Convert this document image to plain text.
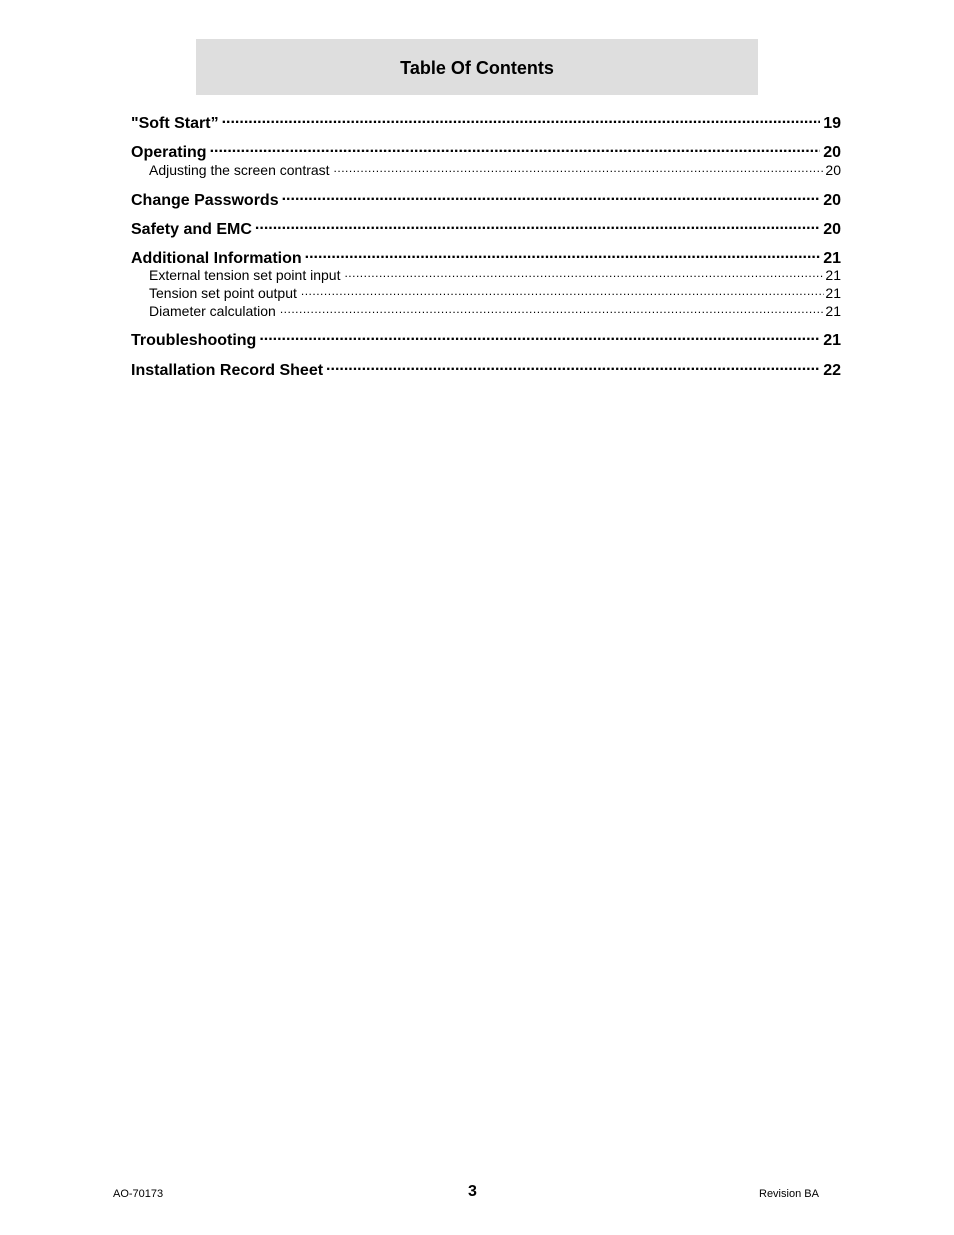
Table Of Contents
"Soft Start” .....	19
Operating .....	20
Adjusting the screen contrast .....	20
Change Passwords .....	20
Safety and EMC .....	20
Additional Information .....	21
External tension set point input .....	21
Tension set point output .....	21
Diameter calculation .....	21
Troubleshooting .....	21
Installation Record Sheet .....	22
AO-70173	3	Revision BA
